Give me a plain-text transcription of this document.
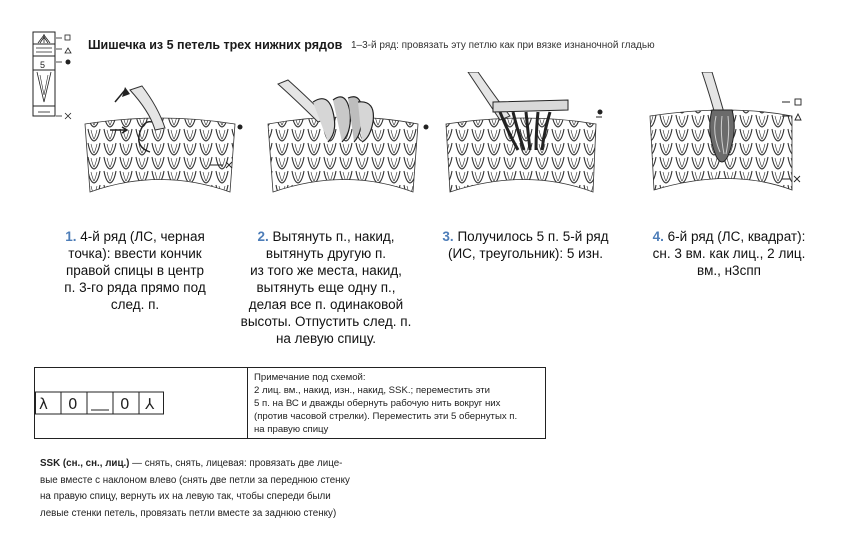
5
Шишечка из 5 петель трех нижних рядов 1–3-й ряд: провязать эту петлю как при вязке изнаночной гладью
1. 4-й ряд (ЛС, черная
точка): ввести кончик
правой спицы в центр
п. 3-го ряда прямо под
след. п.
2. Вытянуть п., накид,
вытянуть другую п.
из того же места, накид,
вытянуть еще одну п.,
делая все п. одинаковой
высоты. Отпустить след. п.
на левую спицу.
3. Получилось 5 п. 5-й ряд
(ИС, треугольник): 5 изн.
4. 6-й ряд (ЛС, квадрат):
сн. 3 вм. как лиц., 2 лиц.
вм., н3спп
λ 0	0 ⅄
Примечание под схемой:
2 лиц. вм., накид, изн., накид, SSK.; переместить эти
5 п. на ВС и дважды обернуть рабочую нить вокруг них
(против часовой стрелки). Переместить эти 5 обернутых п.
на правую спицу
SSK (сн., сн., лиц.) — снять, снять, лицевая: провязать две лице-
вые вместе с наклоном влево (снять две петли за переднюю стенку
на правую спицу, вернуть их на левую так, чтобы спереди были
левые стенки петель, провязать петли вместе за заднюю стенку)
